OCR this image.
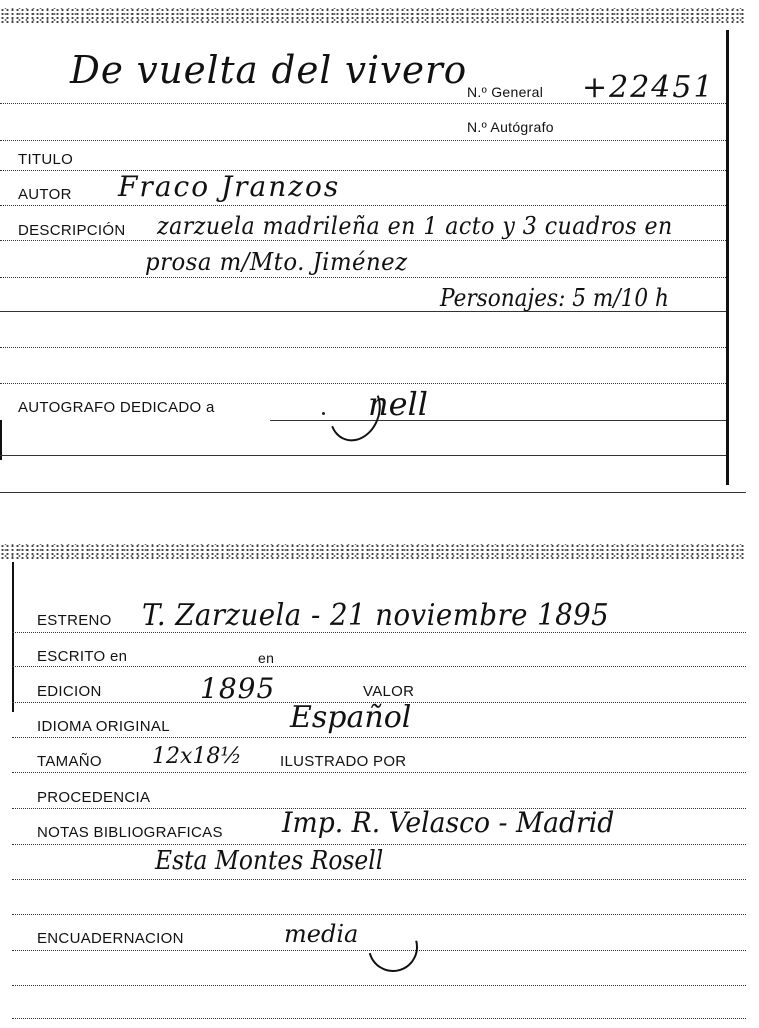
De vuelta del vivero N.º General +22451
N.º Autógrafo
TITULO
AUTOR Fraco Jranzos
DESCRIPCIÓN zarzuela madrileña en 1 acto y 3 cuadros en
prosa m/Mto. Jiménez
Personajes: 5 m/10 h
AUTOGRAFO DEDICADO a	nell
ESTRENO T. Zarzuela - 21 noviembre 1895
ESCRITO en	en
EDICION	1895	VALOR
IDIOMA ORIGINAL	Español
TAMAÑO 12x18½	ILUSTRADO POR
PROCEDENCIA
NOTAS BIBLIOGRAFICAS Imp. R. Velasco - Madrid
Esta Montes Rosell
ENCUADERNACION	media
